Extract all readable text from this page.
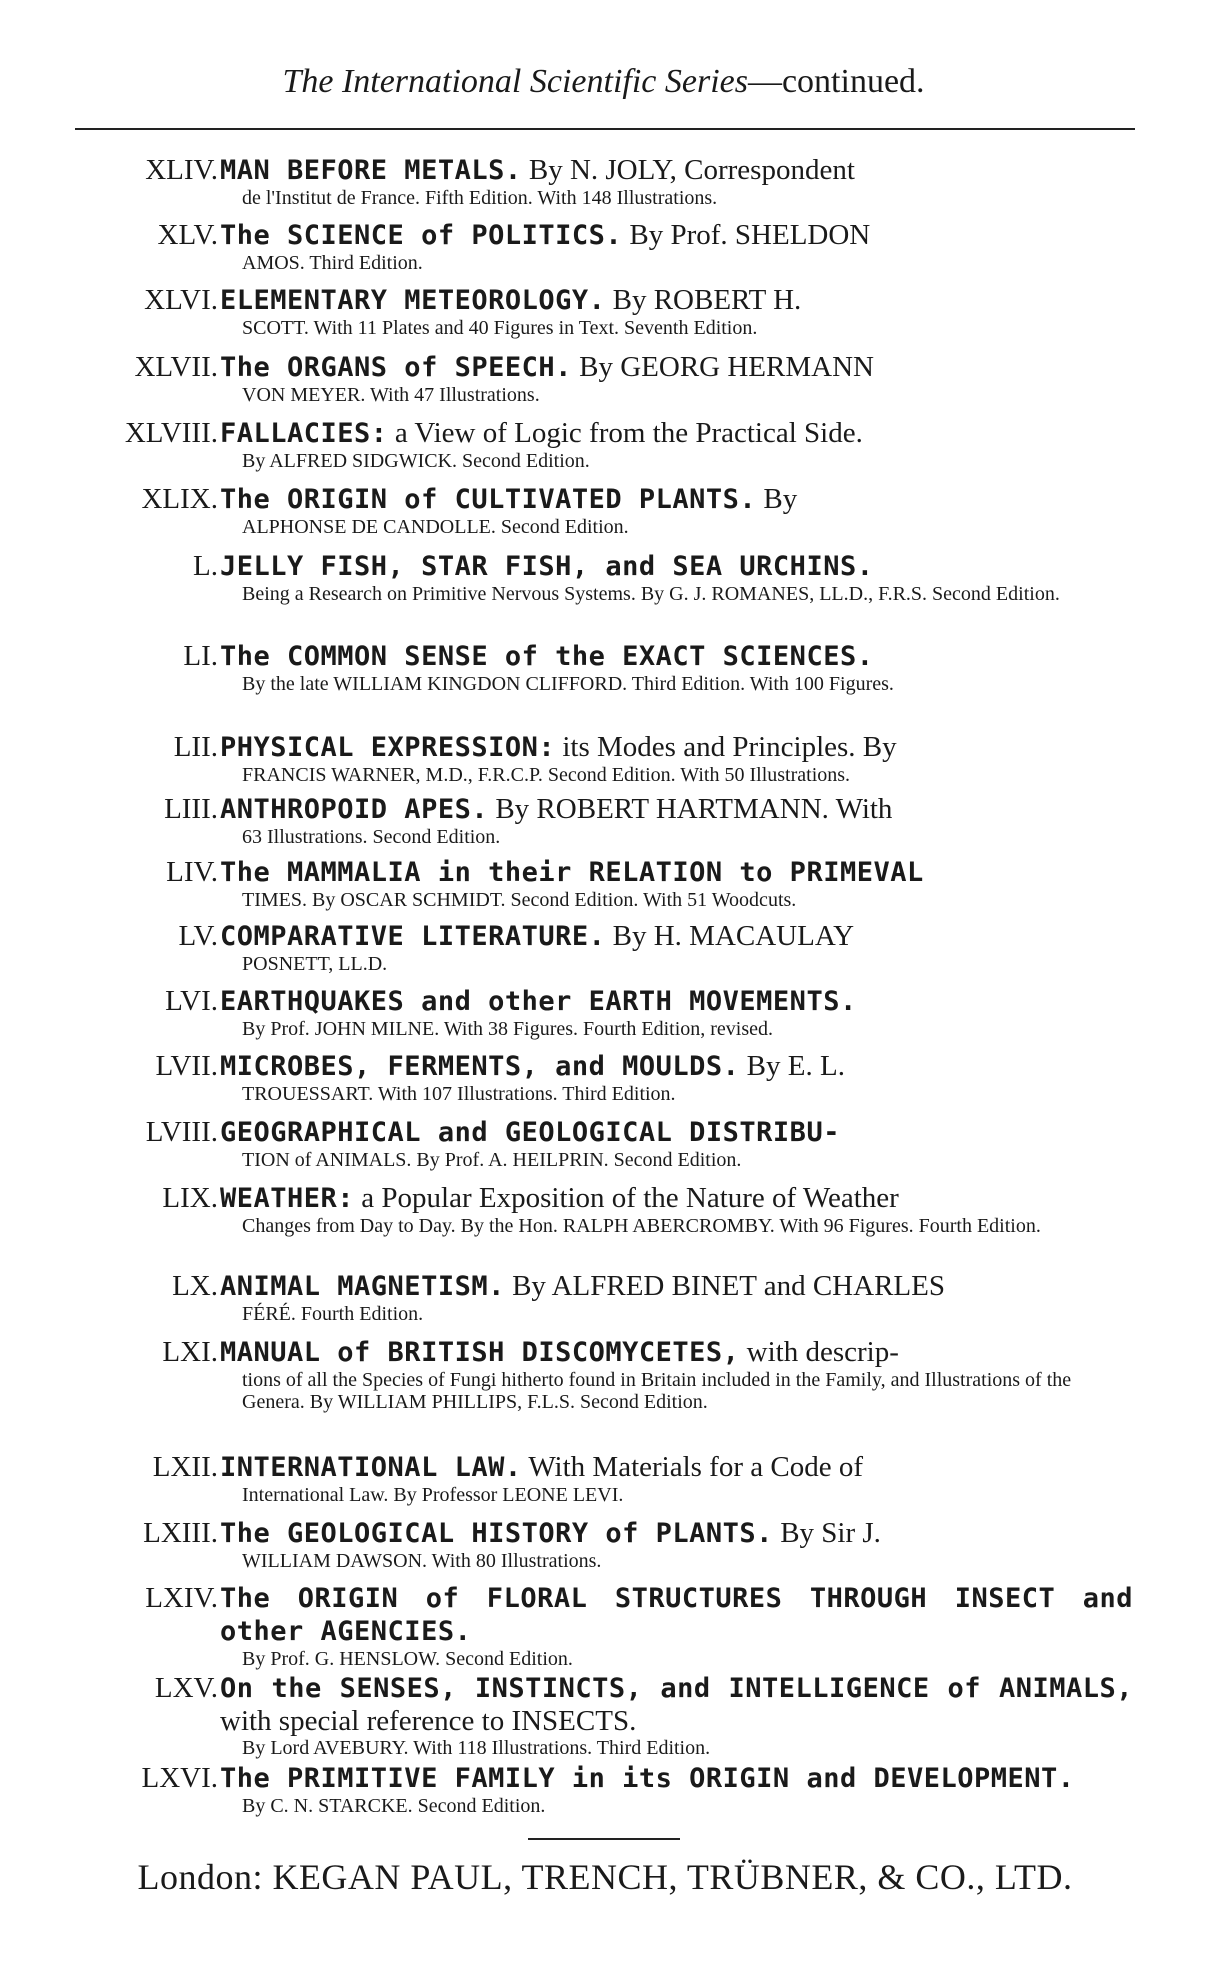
The International Scientific Series—continued.
XLIV. MAN BEFORE METALS. By N. JOLY, Correspondent
de l'Institut de France. Fifth Edition. With 148 Illustrations.
XLV. The SCIENCE of POLITICS. By Prof. SHELDON
AMOS. Third Edition.
XLVI. ELEMENTARY METEOROLOGY. By ROBERT H.
SCOTT. With 11 Plates and 40 Figures in Text. Seventh Edition.
XLVII. The ORGANS of SPEECH. By GEORG HERMANN
VON MEYER. With 47 Illustrations.
XLVIII. FALLACIES: a View of Logic from the Practical Side.
By ALFRED SIDGWICK. Second Edition.
XLIX. The ORIGIN of CULTIVATED PLANTS. By
ALPHONSE DE CANDOLLE. Second Edition.
L. JELLY FISH, STAR FISH, and SEA URCHINS.
Being a Research on Primitive Nervous Systems. By G. J. ROMANES, LL.D., F.R.S. Second Edition.
LI. The COMMON SENSE of the EXACT SCIENCES.
By the late WILLIAM KINGDON CLIFFORD. Third Edition. With 100 Figures.
LII. PHYSICAL EXPRESSION: its Modes and Principles. By
FRANCIS WARNER, M.D., F.R.C.P. Second Edition. With 50 Illustrations.
LIII. ANTHROPOID APES. By ROBERT HARTMANN. With
63 Illustrations. Second Edition.
LIV. The MAMMALIA in their RELATION to PRIMEVAL
TIMES. By OSCAR SCHMIDT. Second Edition. With 51 Woodcuts.
LV. COMPARATIVE LITERATURE. By H. MACAULAY
POSNETT, LL.D.
LVI. EARTHQUAKES and other EARTH MOVEMENTS.
By Prof. JOHN MILNE. With 38 Figures. Fourth Edition, revised.
LVII. MICROBES, FERMENTS, and MOULDS. By E. L.
TROUESSART. With 107 Illustrations. Third Edition.
LVIII. GEOGRAPHICAL and GEOLOGICAL DISTRIBU-
TION of ANIMALS. By Prof. A. HEILPRIN. Second Edition.
LIX. WEATHER: a Popular Exposition of the Nature of Weather
Changes from Day to Day. By the Hon. RALPH ABERCROMBY. With 96 Figures. Fourth Edition.
LX. ANIMAL MAGNETISM. By ALFRED BINET and CHARLES
FÉRÉ. Fourth Edition.
LXI. MANUAL of BRITISH DISCOMYCETES, with descrip-
tions of all the Species of Fungi hitherto found in Britain included in the Family, and Illustrations of the Genera. By WILLIAM PHILLIPS, F.L.S. Second Edition.
LXII. INTERNATIONAL LAW. With Materials for a Code of
International Law. By Professor LEONE LEVI.
LXIII. The GEOLOGICAL HISTORY of PLANTS. By Sir J.
WILLIAM DAWSON. With 80 Illustrations.
LXIV. The ORIGIN of FLORAL STRUCTURES THROUGH INSECT and other AGENCIES.
By Prof. G. HENSLOW. Second Edition.
LXV. On the SENSES, INSTINCTS, and INTELLIGENCE of ANIMALS, with special reference to INSECTS.
By Lord AVEBURY. With 118 Illustrations. Third Edition.
LXVI. The PRIMITIVE FAMILY in its ORIGIN and DEVELOPMENT.
By C. N. STARCKE. Second Edition.
London: KEGAN PAUL, TRENCH, TRÜBNER, & CO., LTD.
